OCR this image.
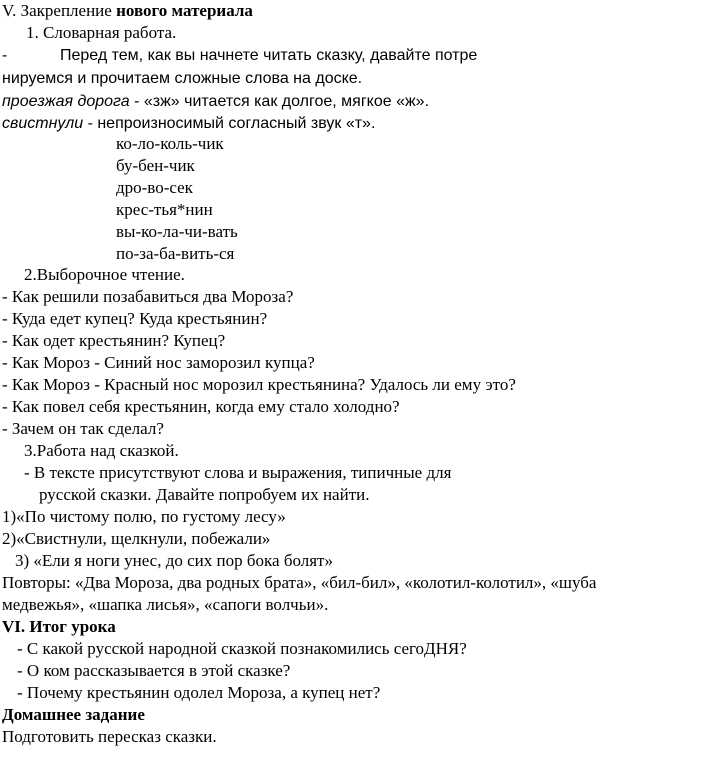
V. Закрепление нового материала
1. Словарная работа.
-	Перед тем, как вы начнете читать сказку, давайте потре
нируемся и прочитаем сложные слова на доске.
проезжая дорога - «зж» читается как долгое, мягкое «ж».
свистнули - непроизносимый согласный звук «т».
ко-ло-коль-чик
бу-бен-чик
дро-во-сек
крес-тья*нин
вы-ко-ла-чи-вать
по-за-ба-вить-ся
2.Выборочное чтение.
- Как решили позабавиться два Мороза?
- Куда едет купец? Куда крестьянин?
- Как одет крестьянин? Купец?
- Как Мороз - Синий нос заморозил купца?
- Как Мороз - Красный нос морозил крестьянина? Удалось ли ему это?
- Как повел себя крестьянин, когда ему стало холодно?
- Зачем он так сделал?
3.Работа над сказкой.
- В тексте присутствуют слова и выражения, типичные для
русской сказки. Давайте попробуем их найти.
1)«По чистому полю, по густому лесу»
2)«Свистнули, щелкнули, побежали»
3) «Ели я ноги унес, до сих пор бока болят»
Повторы: «Два Мороза, два родных брата», «бил-бил», «колотил-колотил», «шуба
медвежья», «шапка лисья», «сапоги волчьи».
VI. Итог урока
- С какой русской народной сказкой познакомились сегоДНЯ?
- О ком рассказывается в этой сказке?
- Почему крестьянин одолел Мороза, а купец нет?
Домашнее задание
Подготовить пересказ сказки.
